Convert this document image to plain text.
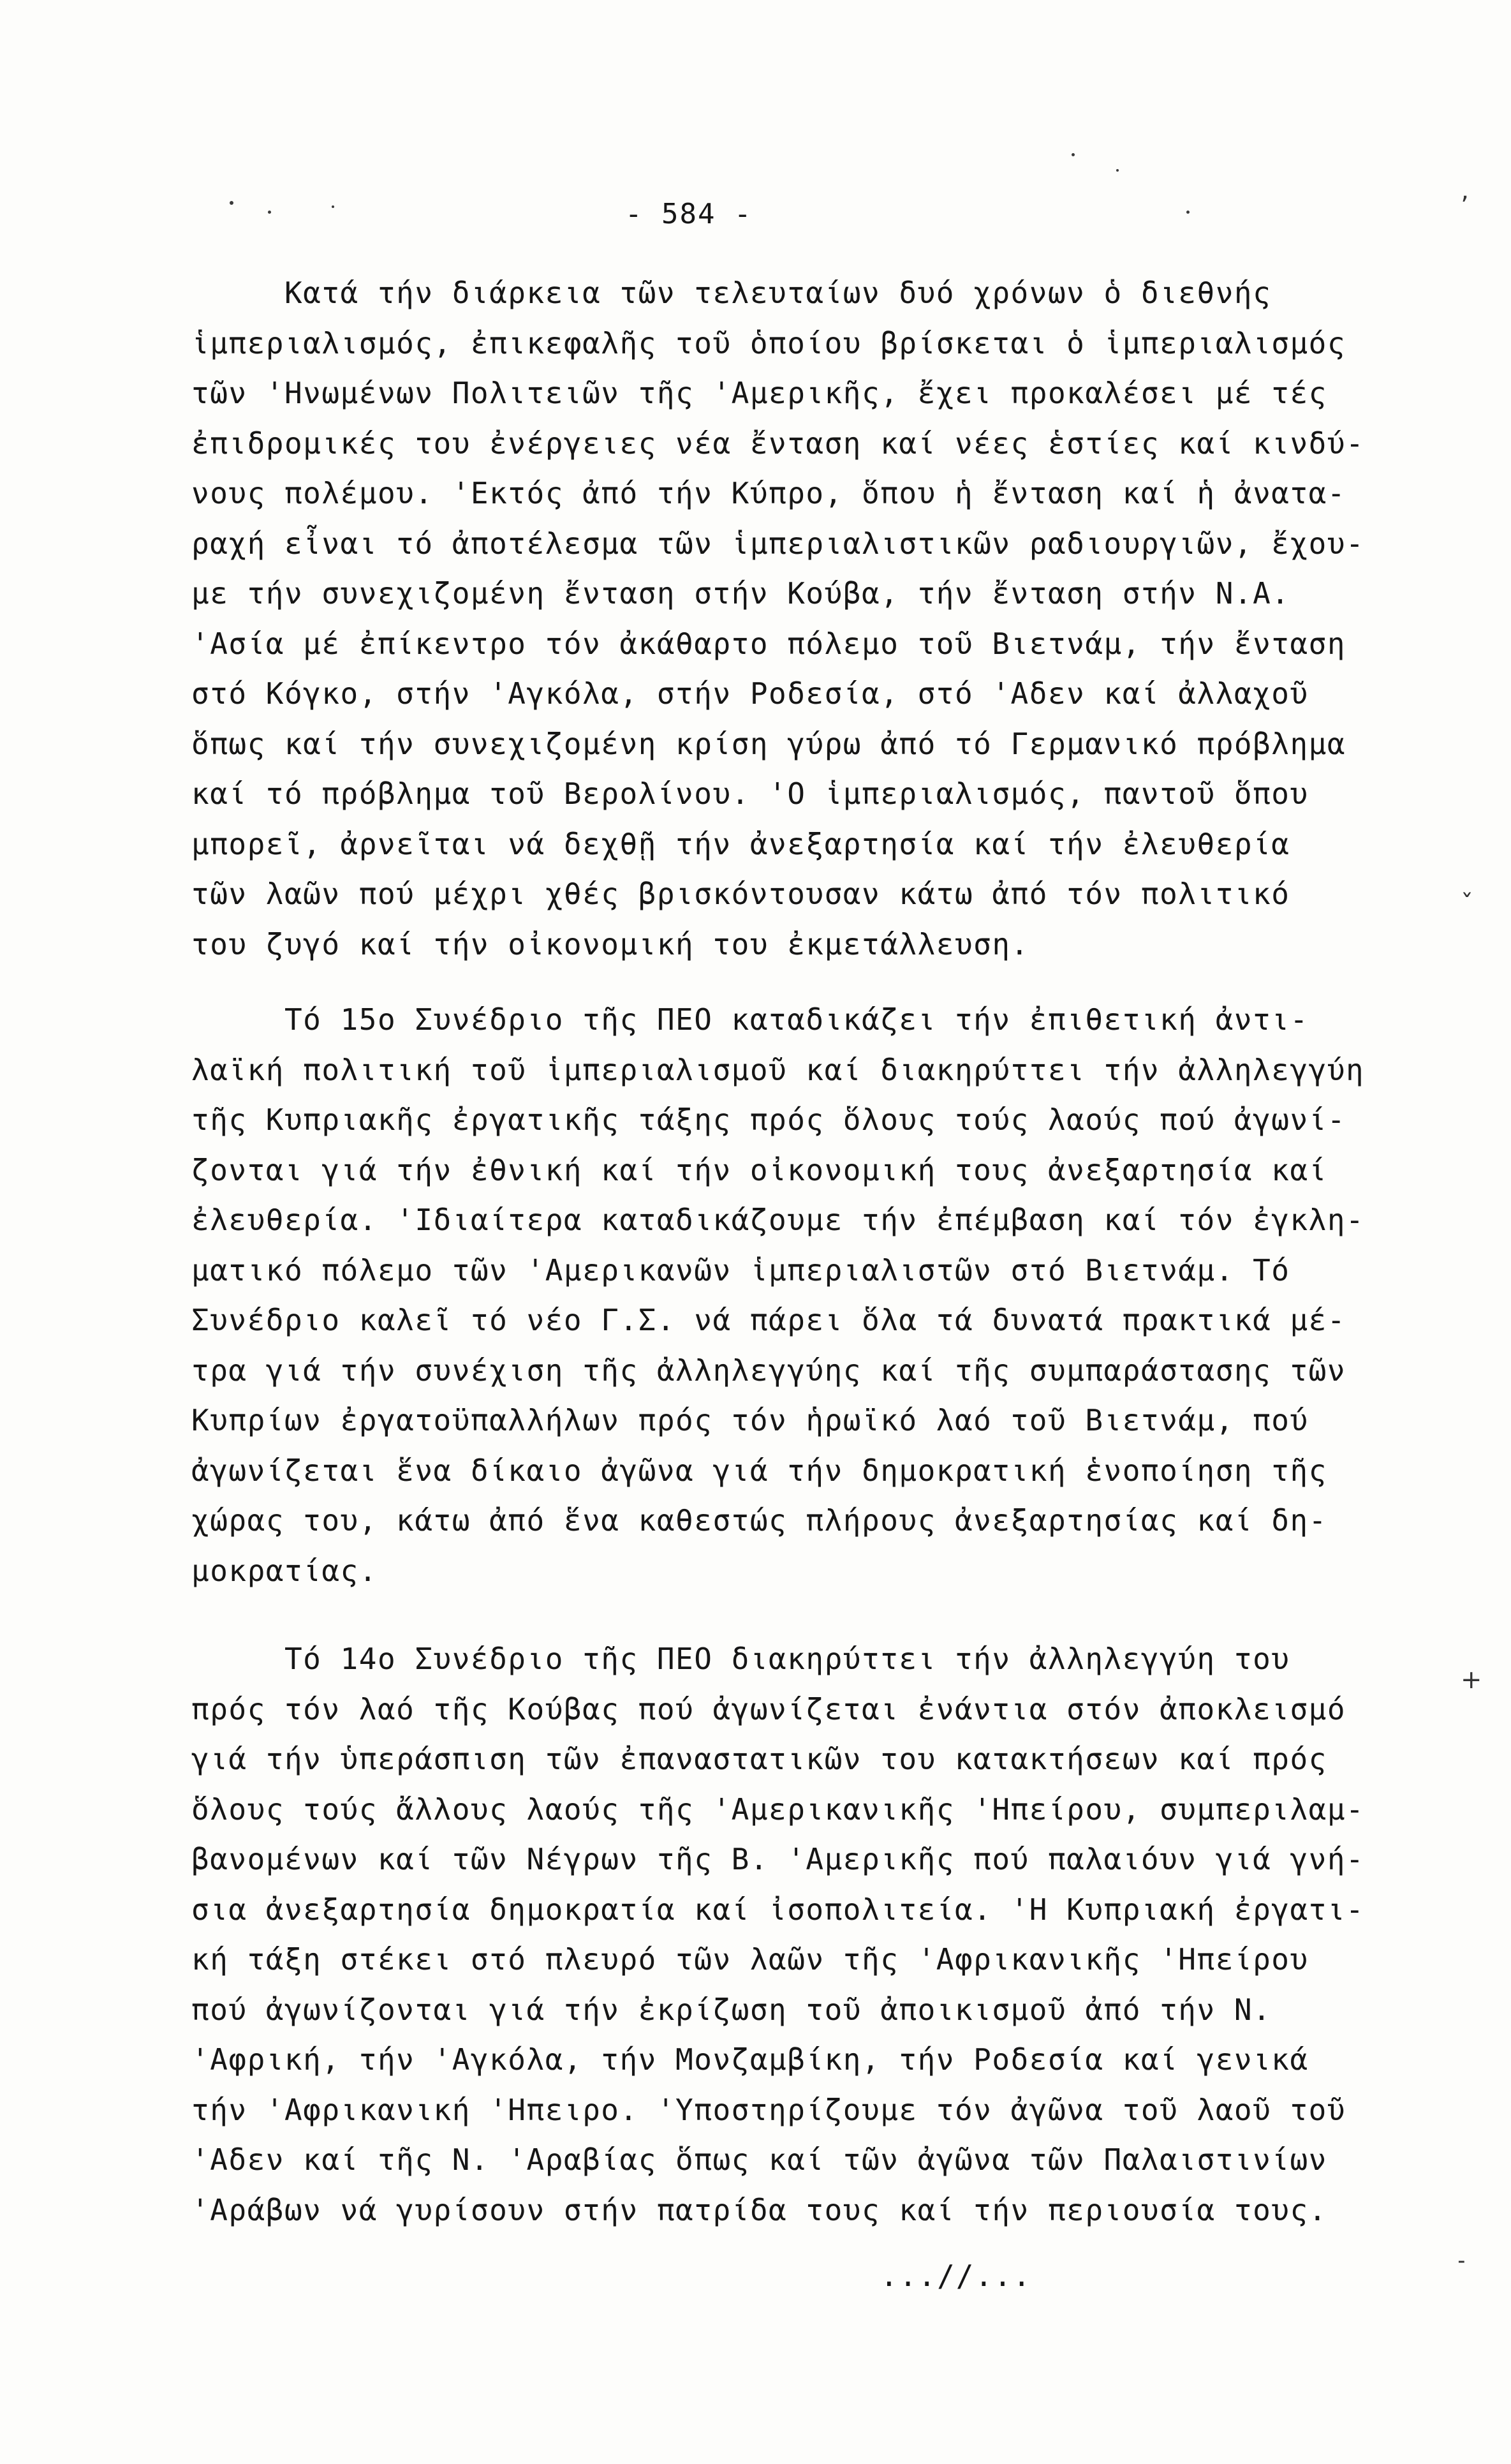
ʼ
ˇ
+
˗
- 584 -
Κατά τήν διάρκεια τῶν τελευταίων δυό χρόνων ὁ διεθνής
ἱμπεριαλισμός, ἐπικεφαλῆς τοῦ ὁποίου βρίσκεται ὁ ἱμπεριαλισμός
τῶν 'Ηνωμένων Πολιτειῶν τῆς 'Αμερικῆς, ἔχει προκαλέσει μέ τές
ἐπιδρομικές του ἐνέργειες νέα ἔνταση καί νέες ἑστίες καί κινδύ-
νους πολέμου. 'Εκτός ἀπό τήν Κύπρο, ὅπου ἡ ἔνταση καί ἡ ἀνατα-
ραχή εἶναι τό ἀποτέλεσμα τῶν ἱμπεριαλιστικῶν ραδιουργιῶν, ἔχου-
με τήν συνεχιζομένη ἔνταση στήν Κούβα, τήν ἔνταση στήν N.A.
'Ασία μέ ἐπίκεντρο τόν ἀκάθαρτο πόλεμο τοῦ Βιετνάμ, τήν ἔνταση
στό Κόγκο, στήν 'Αγκόλα, στήν Ροδεσία, στό 'Αδεν καί ἀλλαχοῦ
ὅπως καί τήν συνεχιζομένη κρίση γύρω ἀπό τό Γερμανικό πρόβλημα
καί τό πρόβλημα τοῦ Βερολίνου. 'Ο ἱμπεριαλισμός, παντοῦ ὅπου
μπορεῖ, ἀρνεῖται νά δεχθῇ τήν ἀνεξαρτησία καί τήν ἐλευθερία
τῶν λαῶν πού μέχρι χθές βρισκόντουσαν κάτω ἀπό τόν πολιτικό
του ζυγό καί τήν οἰκονομική του ἐκμετάλλευση.
Τό 15ο Συνέδριο τῆς ΠΕΟ καταδικάζει τήν ἐπιθετική ἀντι-
λαϊκή πολιτική τοῦ ἱμπεριαλισμοῦ καί διακηρύττει τήν ἀλληλεγγύη
τῆς Κυπριακῆς ἐργατικῆς τάξης πρός ὅλους τούς λαούς πού ἀγωνί-
ζονται γιά τήν ἐθνική καί τήν οἰκονομική τους ἀνεξαρτησία καί
ἐλευθερία. 'Ιδιαίτερα καταδικάζουμε τήν ἐπέμβαση καί τόν ἐγκλη-
ματικό πόλεμο τῶν 'Αμερικανῶν ἱμπεριαλιστῶν στό Βιετνάμ. Τό
Συνέδριο καλεῖ τό νέο Γ.Σ. νά πάρει ὅλα τά δυνατά πρακτικά μέ-
τρα γιά τήν συνέχιση τῆς ἀλληλεγγύης καί τῆς συμπαράστασης τῶν
Κυπρίων ἐργατοϋπαλλήλων πρός τόν ἡρωϊκό λαό τοῦ Βιετνάμ, πού
ἀγωνίζεται ἕνα δίκαιο ἀγῶνα γιά τήν δημοκρατική ἑνοποίηση τῆς
χώρας του, κάτω ἀπό ἕνα καθεστώς πλήρους ἀνεξαρτησίας καί δη-
μοκρατίας.
Τό 14ο Συνέδριο τῆς ΠΕΟ διακηρύττει τήν ἀλληλεγγύη του
πρός τόν λαό τῆς Κούβας πού ἀγωνίζεται ἐνάντια στόν ἀποκλεισμό
γιά τήν ὑπεράσπιση τῶν ἐπαναστατικῶν του κατακτήσεων καί πρός
ὅλους τούς ἄλλους λαούς τῆς 'Αμερικανικῆς 'Ηπείρου, συμπεριλαμ-
βανομένων καί τῶν Νέγρων τῆς Β. 'Αμερικῆς πού παλαιόυν γιά γνή-
σια ἀνεξαρτησία δημοκρατία καί ἰσοπολιτεία. 'Η Κυπριακή ἐργατι-
κή τάξη στέκει στό πλευρό τῶν λαῶν τῆς 'Αφρικανικῆς 'Ηπείρου
πού ἀγωνίζονται γιά τήν ἐκρίζωση τοῦ ἀποικισμοῦ ἀπό τήν Ν.
'Αφρική, τήν 'Αγκόλα, τήν Μονζαμβίκη, τήν Ροδεσία καί γενικά
τήν 'Αφρικανική 'Ηπειρο. 'Υποστηρίζουμε τόν ἀγῶνα τοῦ λαοῦ τοῦ
'Αδεν καί τῆς Ν. 'Αραβίας ὅπως καί τῶν ἀγῶνα τῶν Παλαιστινίων
'Αράβων νά γυρίσουν στήν πατρίδα τους καί τήν περιουσία τους.
...//...
